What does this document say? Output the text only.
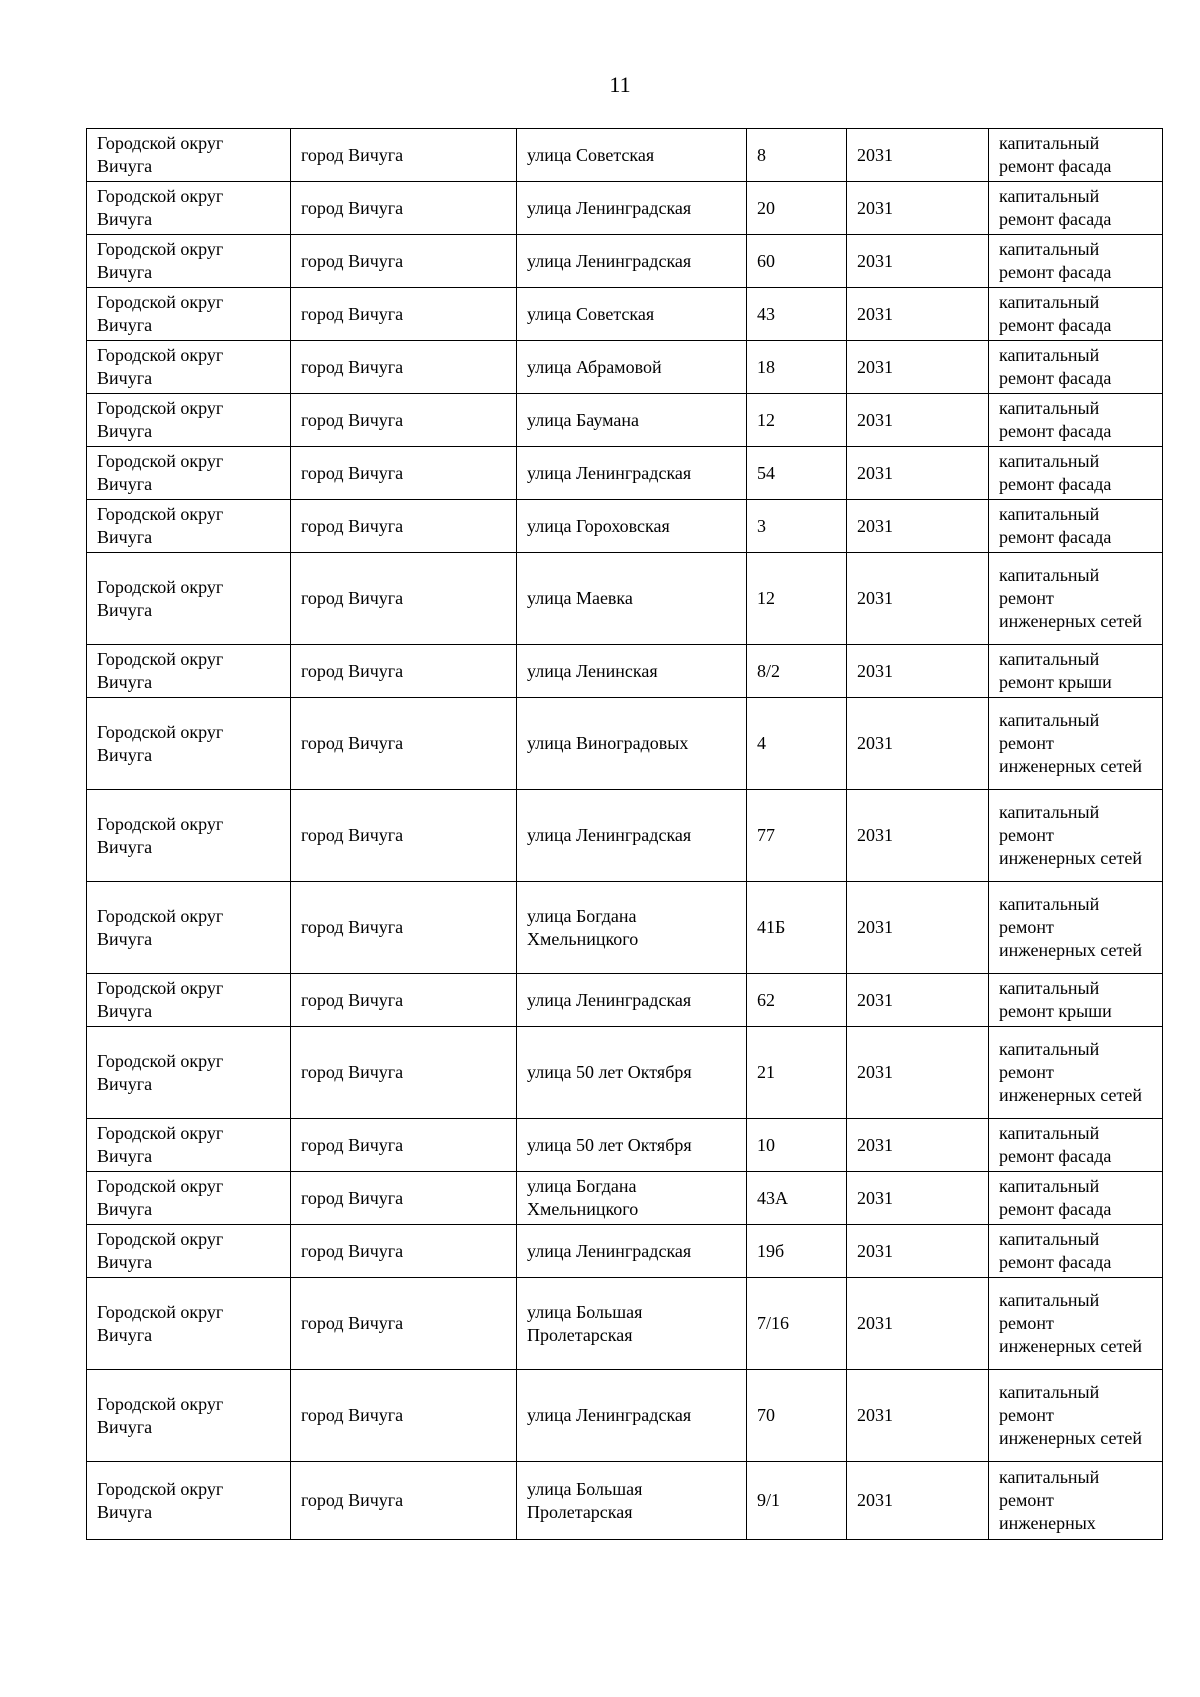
11
Городской округ Вичуга	город Вичуга	улица Советская	8	2031	капитальный ремонт фасада
Городской округ Вичуга	город Вичуга	улица Ленинградская	20	2031	капитальный ремонт фасада
Городской округ Вичуга	город Вичуга	улица Ленинградская	60	2031	капитальный ремонт фасада
Городской округ Вичуга	город Вичуга	улица Советская	43	2031	капитальный ремонт фасада
Городской округ Вичуга	город Вичуга	улица Абрамовой	18	2031	капитальный ремонт фасада
Городской округ Вичуга	город Вичуга	улица Баумана	12	2031	капитальный ремонт фасада
Городской округ Вичуга	город Вичуга	улица Ленинградская	54	2031	капитальный ремонт фасада
Городской округ Вичуга	город Вичуга	улица Гороховская	3	2031	капитальный ремонт фасада
Городской округ Вичуга	город Вичуга	улица Маевка	12	2031	капитальный ремонт инженерных сетей
Городской округ Вичуга	город Вичуга	улица Ленинская	8/2	2031	капитальный ремонт крыши
Городской округ Вичуга	город Вичуга	улица Виноградовых	4	2031	капитальный ремонт инженерных сетей
Городской округ Вичуга	город Вичуга	улица Ленинградская	77	2031	капитальный ремонт инженерных сетей
Городской округ Вичуга	город Вичуга	улица Богдана Хмельницкого	41Б	2031	капитальный ремонт инженерных сетей
Городской округ Вичуга	город Вичуга	улица Ленинградская	62	2031	капитальный ремонт крыши
Городской округ Вичуга	город Вичуга	улица 50 лет Октября	21	2031	капитальный ремонт инженерных сетей
Городской округ Вичуга	город Вичуга	улица 50 лет Октября	10	2031	капитальный ремонт фасада
Городской округ Вичуга	город Вичуга	улица Богдана Хмельницкого	43А	2031	капитальный ремонт фасада
Городской округ Вичуга	город Вичуга	улица Ленинградская	19б	2031	капитальный ремонт фасада
Городской округ Вичуга	город Вичуга	улица Большая Пролетарская	7/16	2031	капитальный ремонт инженерных сетей
Городской округ Вичуга	город Вичуга	улица Ленинградская	70	2031	капитальный ремонт инженерных сетей
Городской округ Вичуга	город Вичуга	улица Большая Пролетарская	9/1	2031	капитальный ремонт инженерных
